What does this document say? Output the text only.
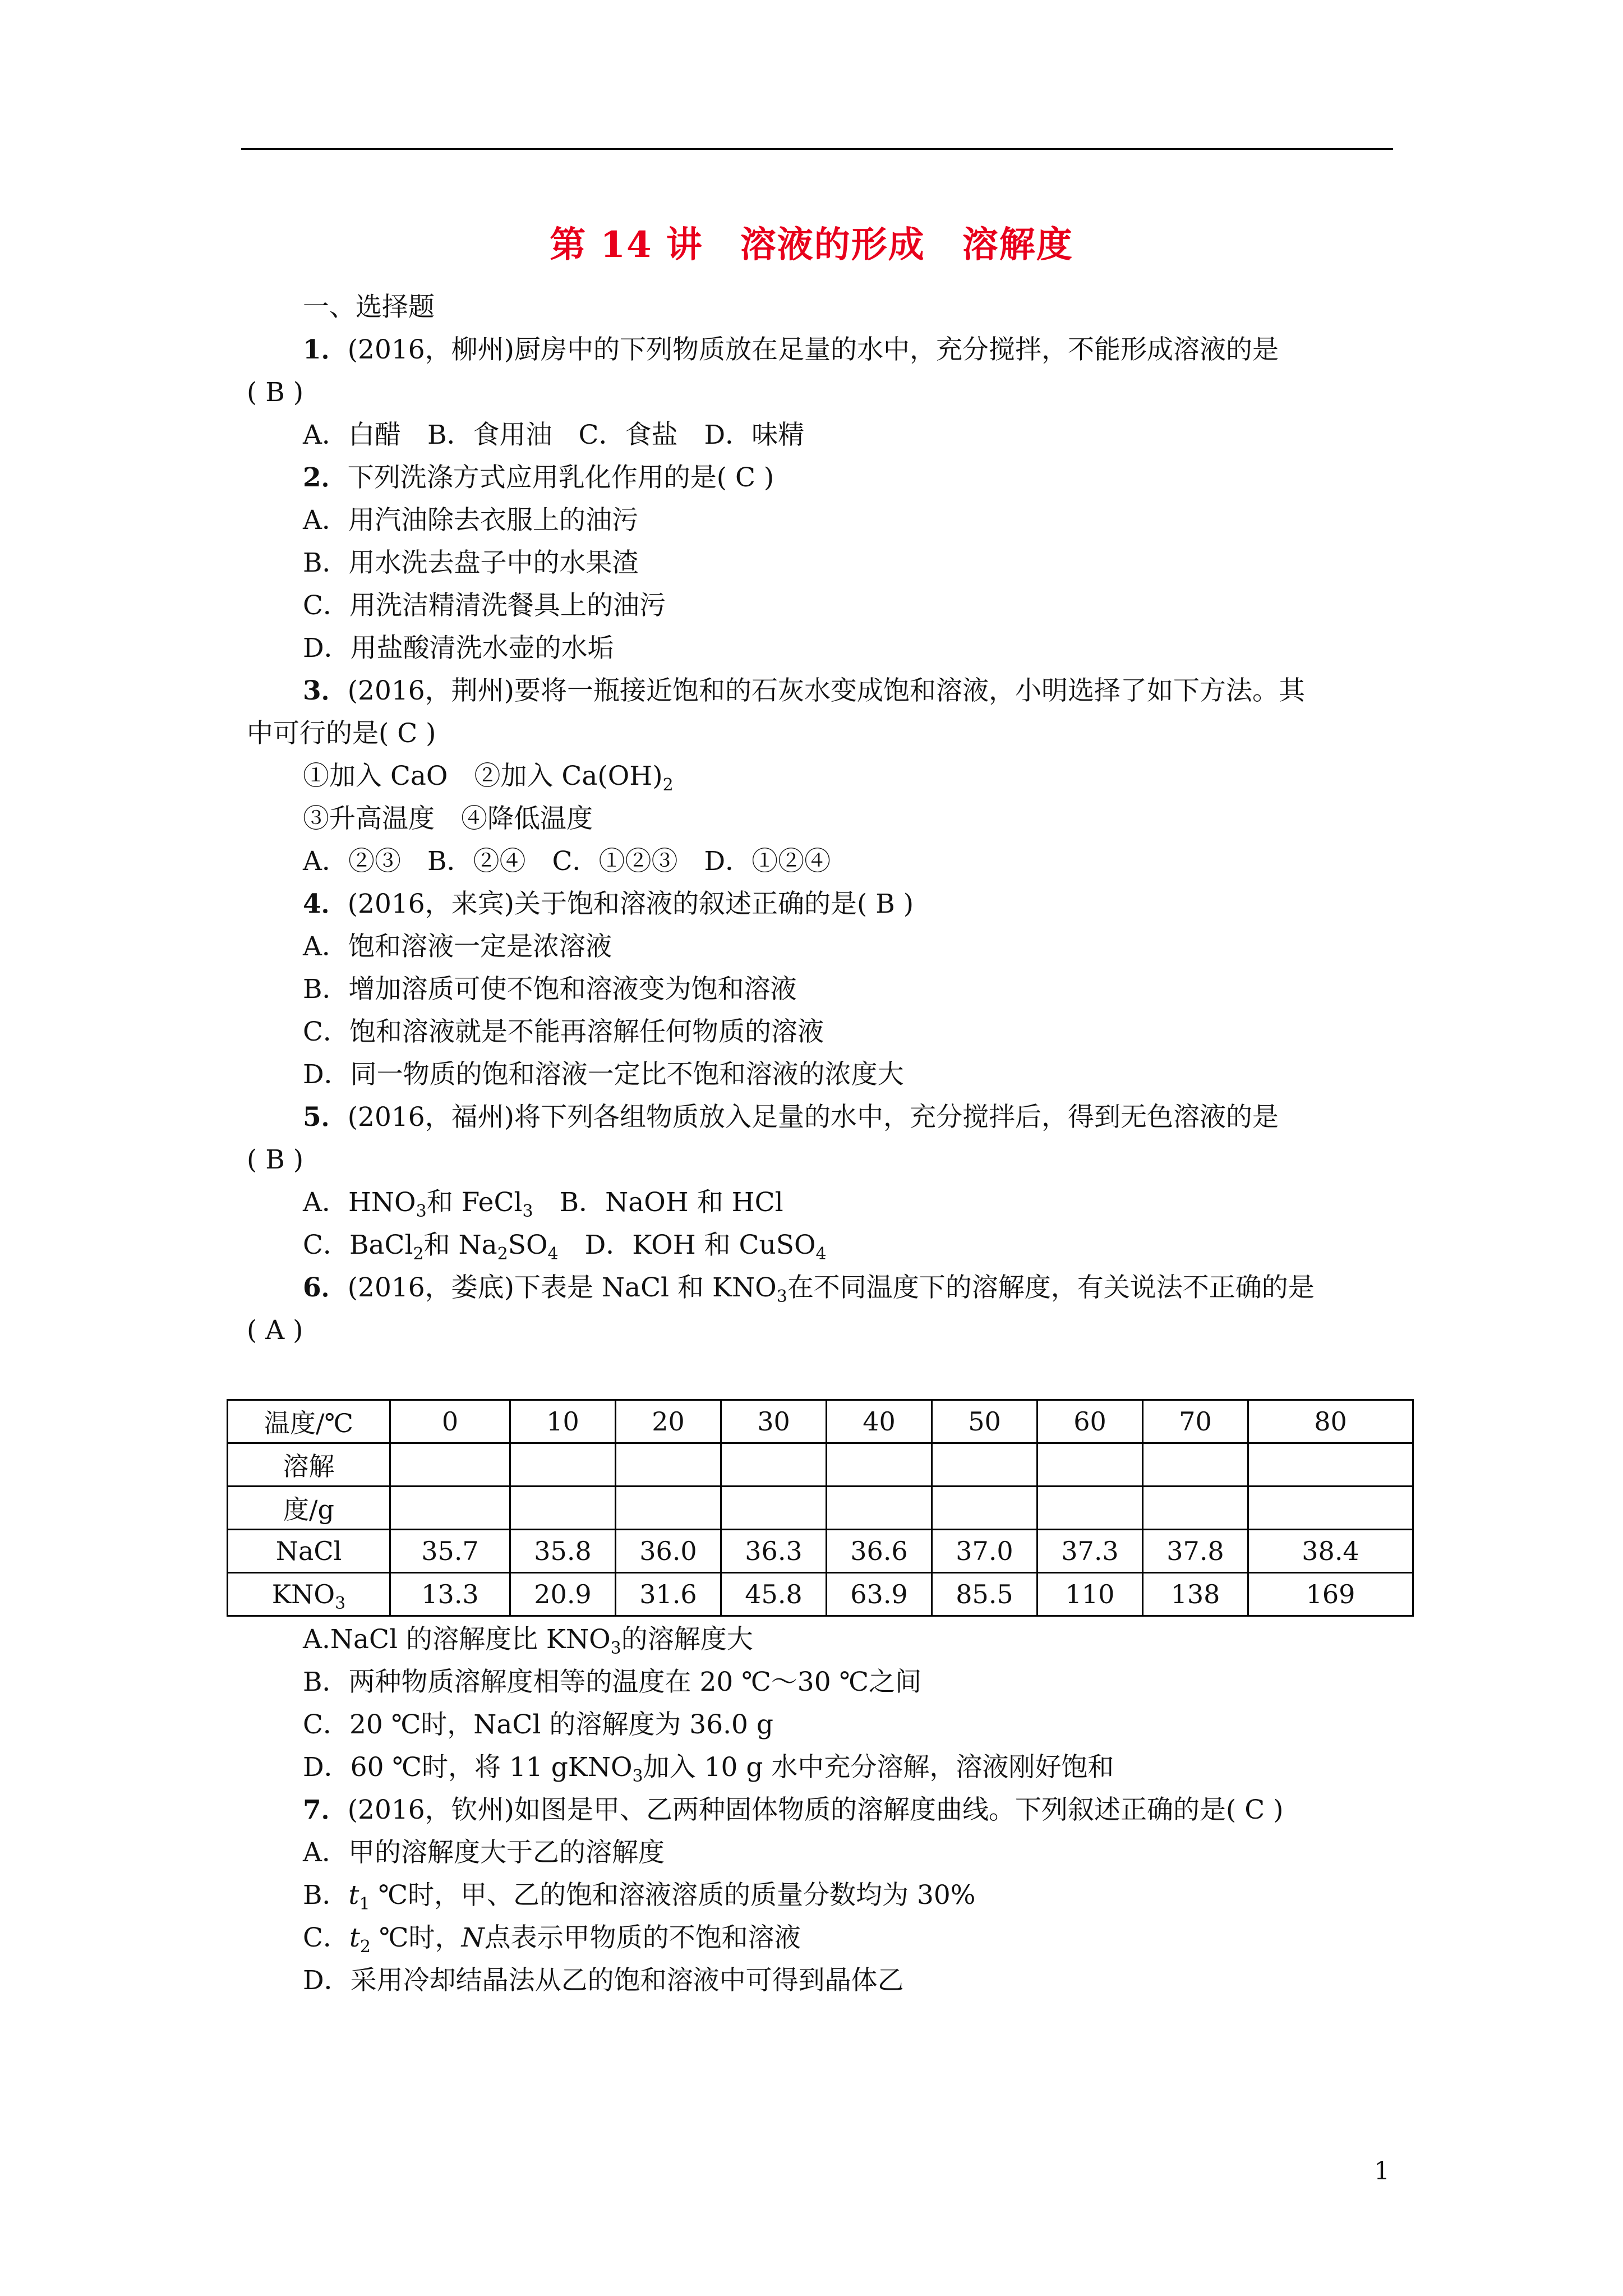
第 14 讲　溶液的形成　溶解度
一、选择题
1．(2016，柳州)厨房中的下列物质放在足量的水中，充分搅拌，不能形成溶液的是
( B )
A．白醋　B．食用油　C．食盐　D．味精
2．下列洗涤方式应用乳化作用的是( C )
A．用汽油除去衣服上的油污
B．用水洗去盘子中的水果渣
C．用洗洁精清洗餐具上的油污
D．用盐酸清洗水壶的水垢
3．(2016，荆州)要将一瓶接近饱和的石灰水变成饱和溶液，小明选择了如下方法。其
中可行的是( C )
①加入 CaO　②加入 $Ca(OH)_2$
③升高温度　④降低温度
A．②③　B．②④　C．①②③　D．①②④
4．(2016，来宾)关于饱和溶液的叙述正确的是( B )
A．饱和溶液一定是浓溶液
B．增加溶质可使不饱和溶液变为饱和溶液
C．饱和溶液就是不能再溶解任何物质的溶液
D．同一物质的饱和溶液一定比不饱和溶液的浓度大
5．(2016，福州)将下列各组物质放入足量的水中，充分搅拌后，得到无色溶液的是
( B )
A．$HNO_3$和 FeCl$_3$　B．NaOH 和 HCl
C．BaCl$_2$和 $Na_2SO_4$　D．KOH 和 CuSO$_4$
6．(2016，娄底)下表是 NaCl 和 $KNO_3$在不同温度下的溶解度，有关说法不正确的是
( A )
温度/℃	0	10	20	30	40	50	60	70	80
溶解									
度/g									
NaCl	35.7	35.8	36.0	36.3	36.6	37.0	37.3	37.8	38.4
$KNO_3$	13.3	20.9	31.6	45.8	63.9	85.5	110	138	169
A.NaCl 的溶解度比 $KNO_3$的溶解度大
B．两种物质溶解度相等的温度在 20 ℃～30 ℃之间
C．20 ℃时，NaCl 的溶解度为 36.0 g
D．60 ℃时，将 11 gKNO$_3$加入 10 g 水中充分溶解，溶液刚好饱和
7．(2016，钦州)如图是甲、乙两种固体物质的溶解度曲线。下列叙述正确的是( C )
A．甲的溶解度大于乙的溶解度
B．$t_1$ ℃时，甲、乙的饱和溶液溶质的质量分数均为 30%
C．$t_2$ ℃时，N点表示甲物质的不饱和溶液
D．采用冷却结晶法从乙的饱和溶液中可得到晶体乙
1
